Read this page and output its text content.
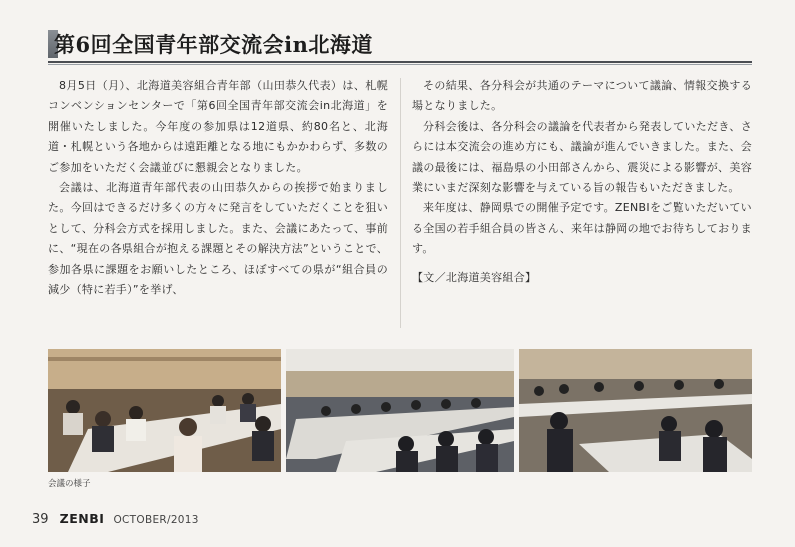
第6回全国青年部交流会in北海道

8月5日（月）、北海道美容組合青年部（山田恭久代表）は、札幌コンベンションセンターで「第6回全国青年部交流会in北海道」を開催いたしました。今年度の参加県は12道県、約80名と、北海道・札幌という各地からは遠距離となる地にもかかわらず、多数のご参加をいただく会議並びに懇親会となりました。

会議は、北海道青年部代表の山田恭久からの挨拶で始まりました。今回はできるだけ多くの方々に発言をしていただくことを狙いとして、分科会方式を採用しました。また、会議にあたって、事前に、“現在の各県組合が抱える課題とその解決方法”ということで、参加各県に課題をお願いしたところ、ほぼすべての県が“組合員の減少（特に若手）”を挙げ、

その結果、各分科会が共通のテーマについて議論、情報交換する場となりました。

分科会後は、各分科会の議論を代表者から発表していただき、さらには本交流会の進め方にも、議論が進んでいきました。また、会議の最後には、福島県の小田部さんから、震災による影響が、美容業にいまだ深刻な影響を与えている旨の報告もいただきました。

来年度は、静岡県での開催予定です。ZENBIをご覧いただいている全国の若手組合員の皆さん、来年は静岡の地でお待ちしております。

【文／北海道美容組合】

会議の様子
39 ZENBI OCTOBER/2013
